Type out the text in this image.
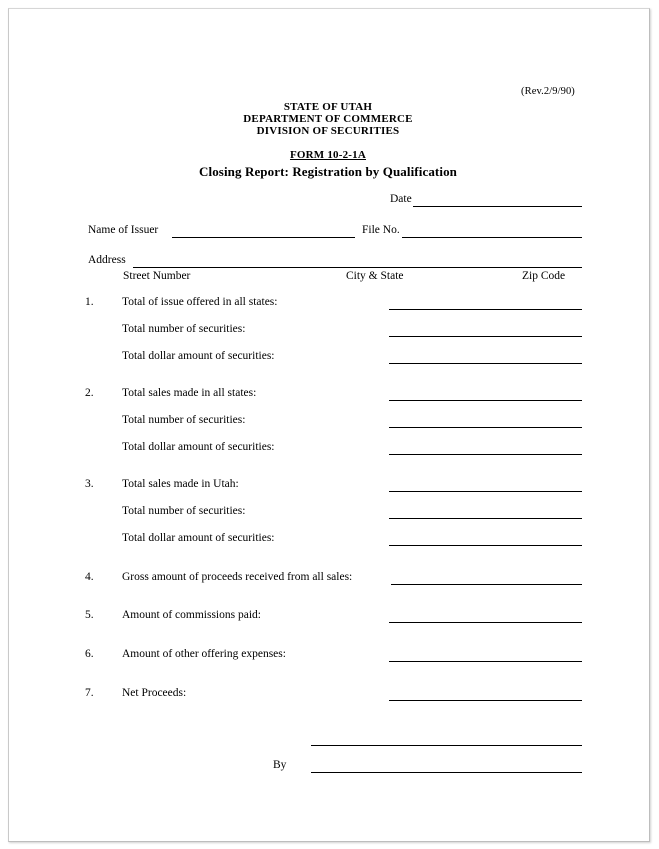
(Rev.2/9/90)
STATE OF UTAH
DEPARTMENT OF COMMERCE
DIVISION OF SECURITIES
FORM 10-2-1A
Closing Report: Registration by Qualification
Date
Name of Issuer	File No.
Address
Street Number	City & State	Zip Code
1. Total of issue offered in all states:
Total number of securities:
Total dollar amount of securities:
2. Total sales made in all states:
Total number of securities:
Total dollar amount of securities:
3. Total sales made in Utah:
Total number of securities:
Total dollar amount of securities:
4. Gross amount of proceeds received from all sales:
5. Amount of commissions paid:
6. Amount of other offering expenses:
7. Net Proceeds:
By
